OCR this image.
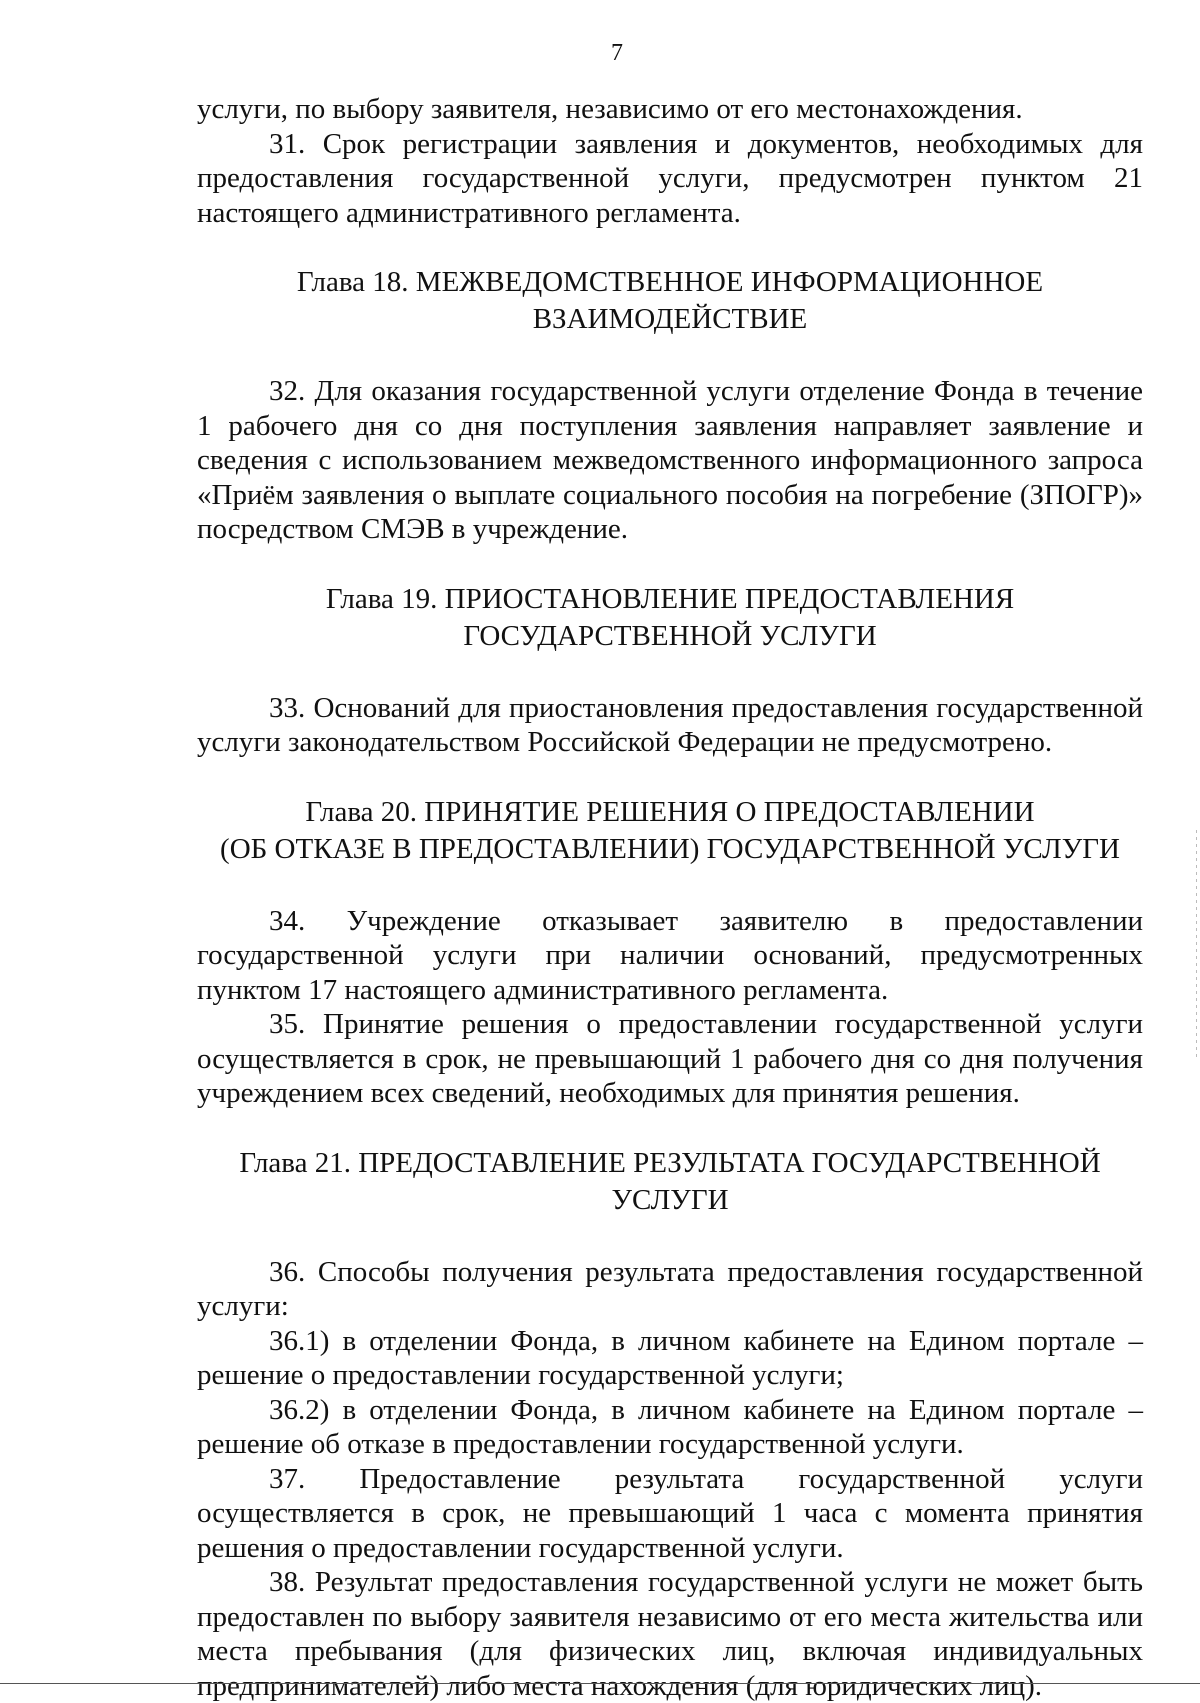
7

услуги, по выбору заявителя, независимо от его местонахождения.

31. Срок регистрации заявления и документов, необходимых для предоставления государственной услуги, предусмотрен пунктом 21 настоящего административного регламента.

Глава 18. МЕЖВЕДОМСТВЕННОЕ ИНФОРМАЦИОННОЕ
ВЗАИМОДЕЙСТВИЕ

32. Для оказания государственной услуги отделение Фонда в течение 1 рабочего дня со дня поступления заявления направляет заявление и сведения с использованием межведомственного информационного запроса «Приём заявления о выплате социального пособия на погребение (ЗПОГР)» посредством СМЭВ в учреждение.

Глава 19. ПРИОСТАНОВЛЕНИЕ ПРЕДОСТАВЛЕНИЯ
ГОСУДАРСТВЕННОЙ УСЛУГИ

33. Оснований для приостановления предоставления государственной услуги законодательством Российской Федерации не предусмотрено.

Глава 20. ПРИНЯТИЕ РЕШЕНИЯ О ПРЕДОСТАВЛЕНИИ
(ОБ ОТКАЗЕ В ПРЕДОСТАВЛЕНИИ) ГОСУДАРСТВЕННОЙ УСЛУГИ

34. Учреждение отказывает заявителю в предоставлении государственной услуги при наличии оснований, предусмотренных пунктом 17 настоящего административного регламента.

35. Принятие решения о предоставлении государственной услуги осуществляется в срок, не превышающий 1 рабочего дня со дня получения учреждением всех сведений, необходимых для принятия решения.

Глава 21. ПРЕДОСТАВЛЕНИЕ РЕЗУЛЬТАТА ГОСУДАРСТВЕННОЙ
УСЛУГИ

36. Способы получения результата предоставления государственной услуги:

36.1) в отделении Фонда, в личном кабинете на Едином портале – решение о предоставлении государственной услуги;

36.2) в отделении Фонда, в личном кабинете на Едином портале – решение об отказе в предоставлении государственной услуги.

37. Предоставление результата государственной услуги осуществляется в срок, не превышающий 1 часа с момента принятия решения о предоставлении государственной услуги.

38. Результат предоставления государственной услуги не может быть предоставлен по выбору заявителя независимо от его места жительства или места пребывания (для физических лиц, включая индивидуальных предпринимателей) либо места нахождения (для юридических лиц).
